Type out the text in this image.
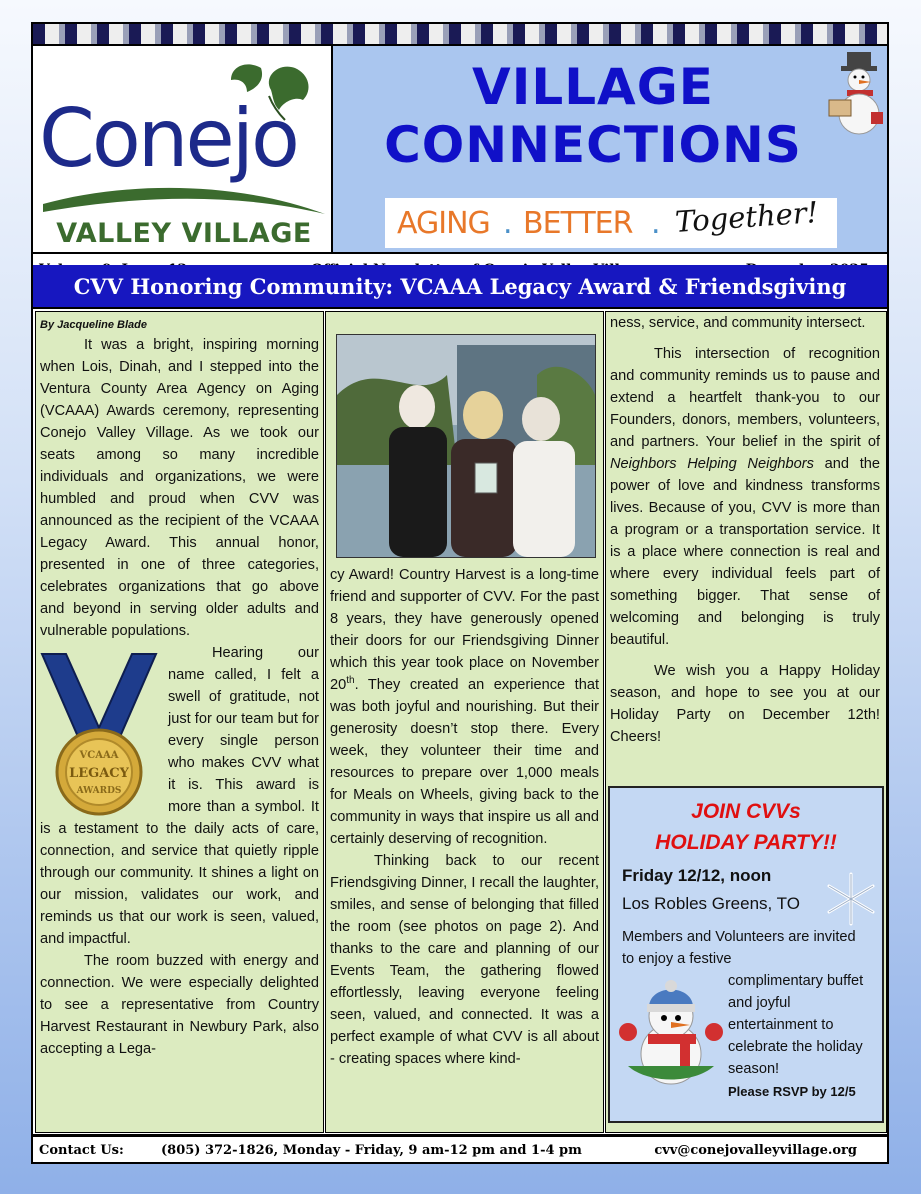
Conejo
VALLEY VILLAGE
VILLAGE
CONNECTIONS
AGING . BETTER . Together!
CVV Honoring Community: VCAAA Legacy Award & Friendsgiving
By Jacqueline Blade

It was a bright, inspiring morning when Lois, Dinah, and I stepped into the Ventura County Area Agency on Aging (VCAAA) Awards ceremony, representing Conejo Valley Village. As we took our seats among so many incredible individuals and organizations, we were humbled and proud when CVV was announced as the recipient of the VCAAA Legacy Award. This annual honor, presented in one of three categories, celebrates organizations that go above and beyond in serving older adults and vulnerable populations.

VCAAA
LEGACY
AWARDS
Hearing our name called, I felt a swell of gratitude, not just for our team but for every single person who makes CVV what it is. This award is more than a symbol. It is a testament to the daily acts of care, connection, and service that quietly ripple through our community. It shines a light on our mission, validates our work, and reminds us that our work is seen, valued, and impactful.

The room buzzed with energy and connection. We were especially delighted to see a representative from Country Harvest Restaurant in Newbury Park, also accepting a Lega-

cy Award! Country Harvest is a long-time friend and supporter of CVV. For the past 8 years, they have generously opened their doors for our Friendsgiving Dinner which this year took place on November 20th. They created an experience that was both joyful and nourishing. But their generosity doesn’t stop there. Every week, they volunteer their time and resources to prepare over 1,000 meals for Meals on Wheels, giving back to the community in ways that inspire us all and certainly deserving of recognition.

Thinking back to our recent Friendsgiving Dinner, I recall the laughter, smiles, and sense of belonging that filled the room (see photos on page 2). And thanks to the care and planning of our Events Team, the gathering flowed effortlessly, leaving everyone feeling seen, valued, and connected. It was a perfect example of what CVV is all about - creating spaces where kind-

ness, service, and community intersect.

This intersection of recognition and community reminds us to pause and extend a heartfelt thank-you to our Founders, donors, members, volunteers, and partners. Your belief in the spirit of Neighbors Helping Neighbors and the power of love and kindness transforms lives. Because of you, CVV is more than a program or a transportation service. It is a place where connection is real and where every individual feels part of something bigger. That sense of welcoming and belonging is truly beautiful.

We wish you a Happy Holiday season, and hope to see you at our Holiday Party on December 12th! Cheers!

JOIN CVVs
HOLIDAY PARTY!!
Friday 12/12, noon
Los Robles Greens, TO
Members and Volunteers are invited to enjoy a festive
complimentary buffet and joyful entertainment to celebrate the holiday season!
Please RSVP by 12/5
Contact Us:	(805) 372-1826, Monday - Friday, 9 am-12 pm and 1-4 pm	cvv@conejovalleyvillage.org
